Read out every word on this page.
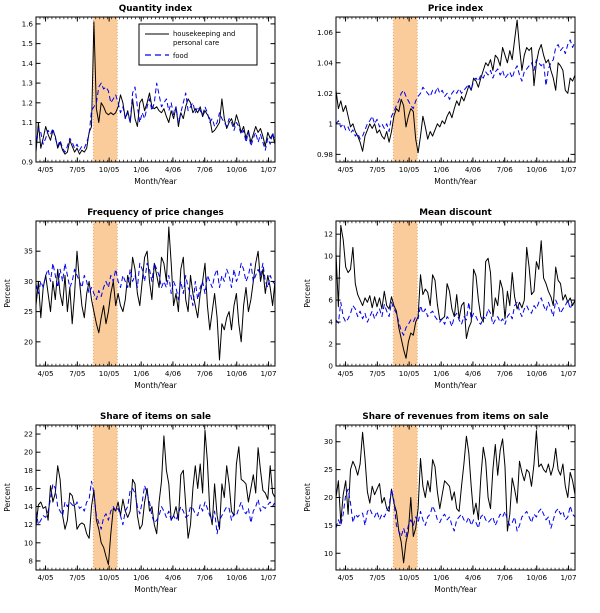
4/05 7/05 10/05 1/06 4/06 7/06 10/06 1/07
0.9
1
1.1
1.2
1.3
1.4
1.5
1.6
Quantity index
Month/Year
housekeeping and
personal care
food
4/05 7/05 10/05 1/06 4/06 7/06 10/06 1/07
0.98
1
1.02
1.04
1.06
Price index
Month/Year
4/05 7/05 10/05 1/06 4/06 7/06 10/06 1/07
20
25
30
35
Frequency of price changes
Month/Year
Percent
4/05 7/05 10/05 1/06 4/06 7/06 10/06 1/07
0
2
4
6
8
10
12
Mean discount
Month/Year
Percent
4/05 7/05 10/05 1/06 4/06 7/06 10/06 1/07
8
10
12
14
16
18
20
22
Share of items on sale
Month/Year
Percent
4/05 7/05 10/05 1/06 4/06 7/06 10/06 1/07
10
15
20
25
30
Share of revenues from items on sale
Month/Year
Percent
